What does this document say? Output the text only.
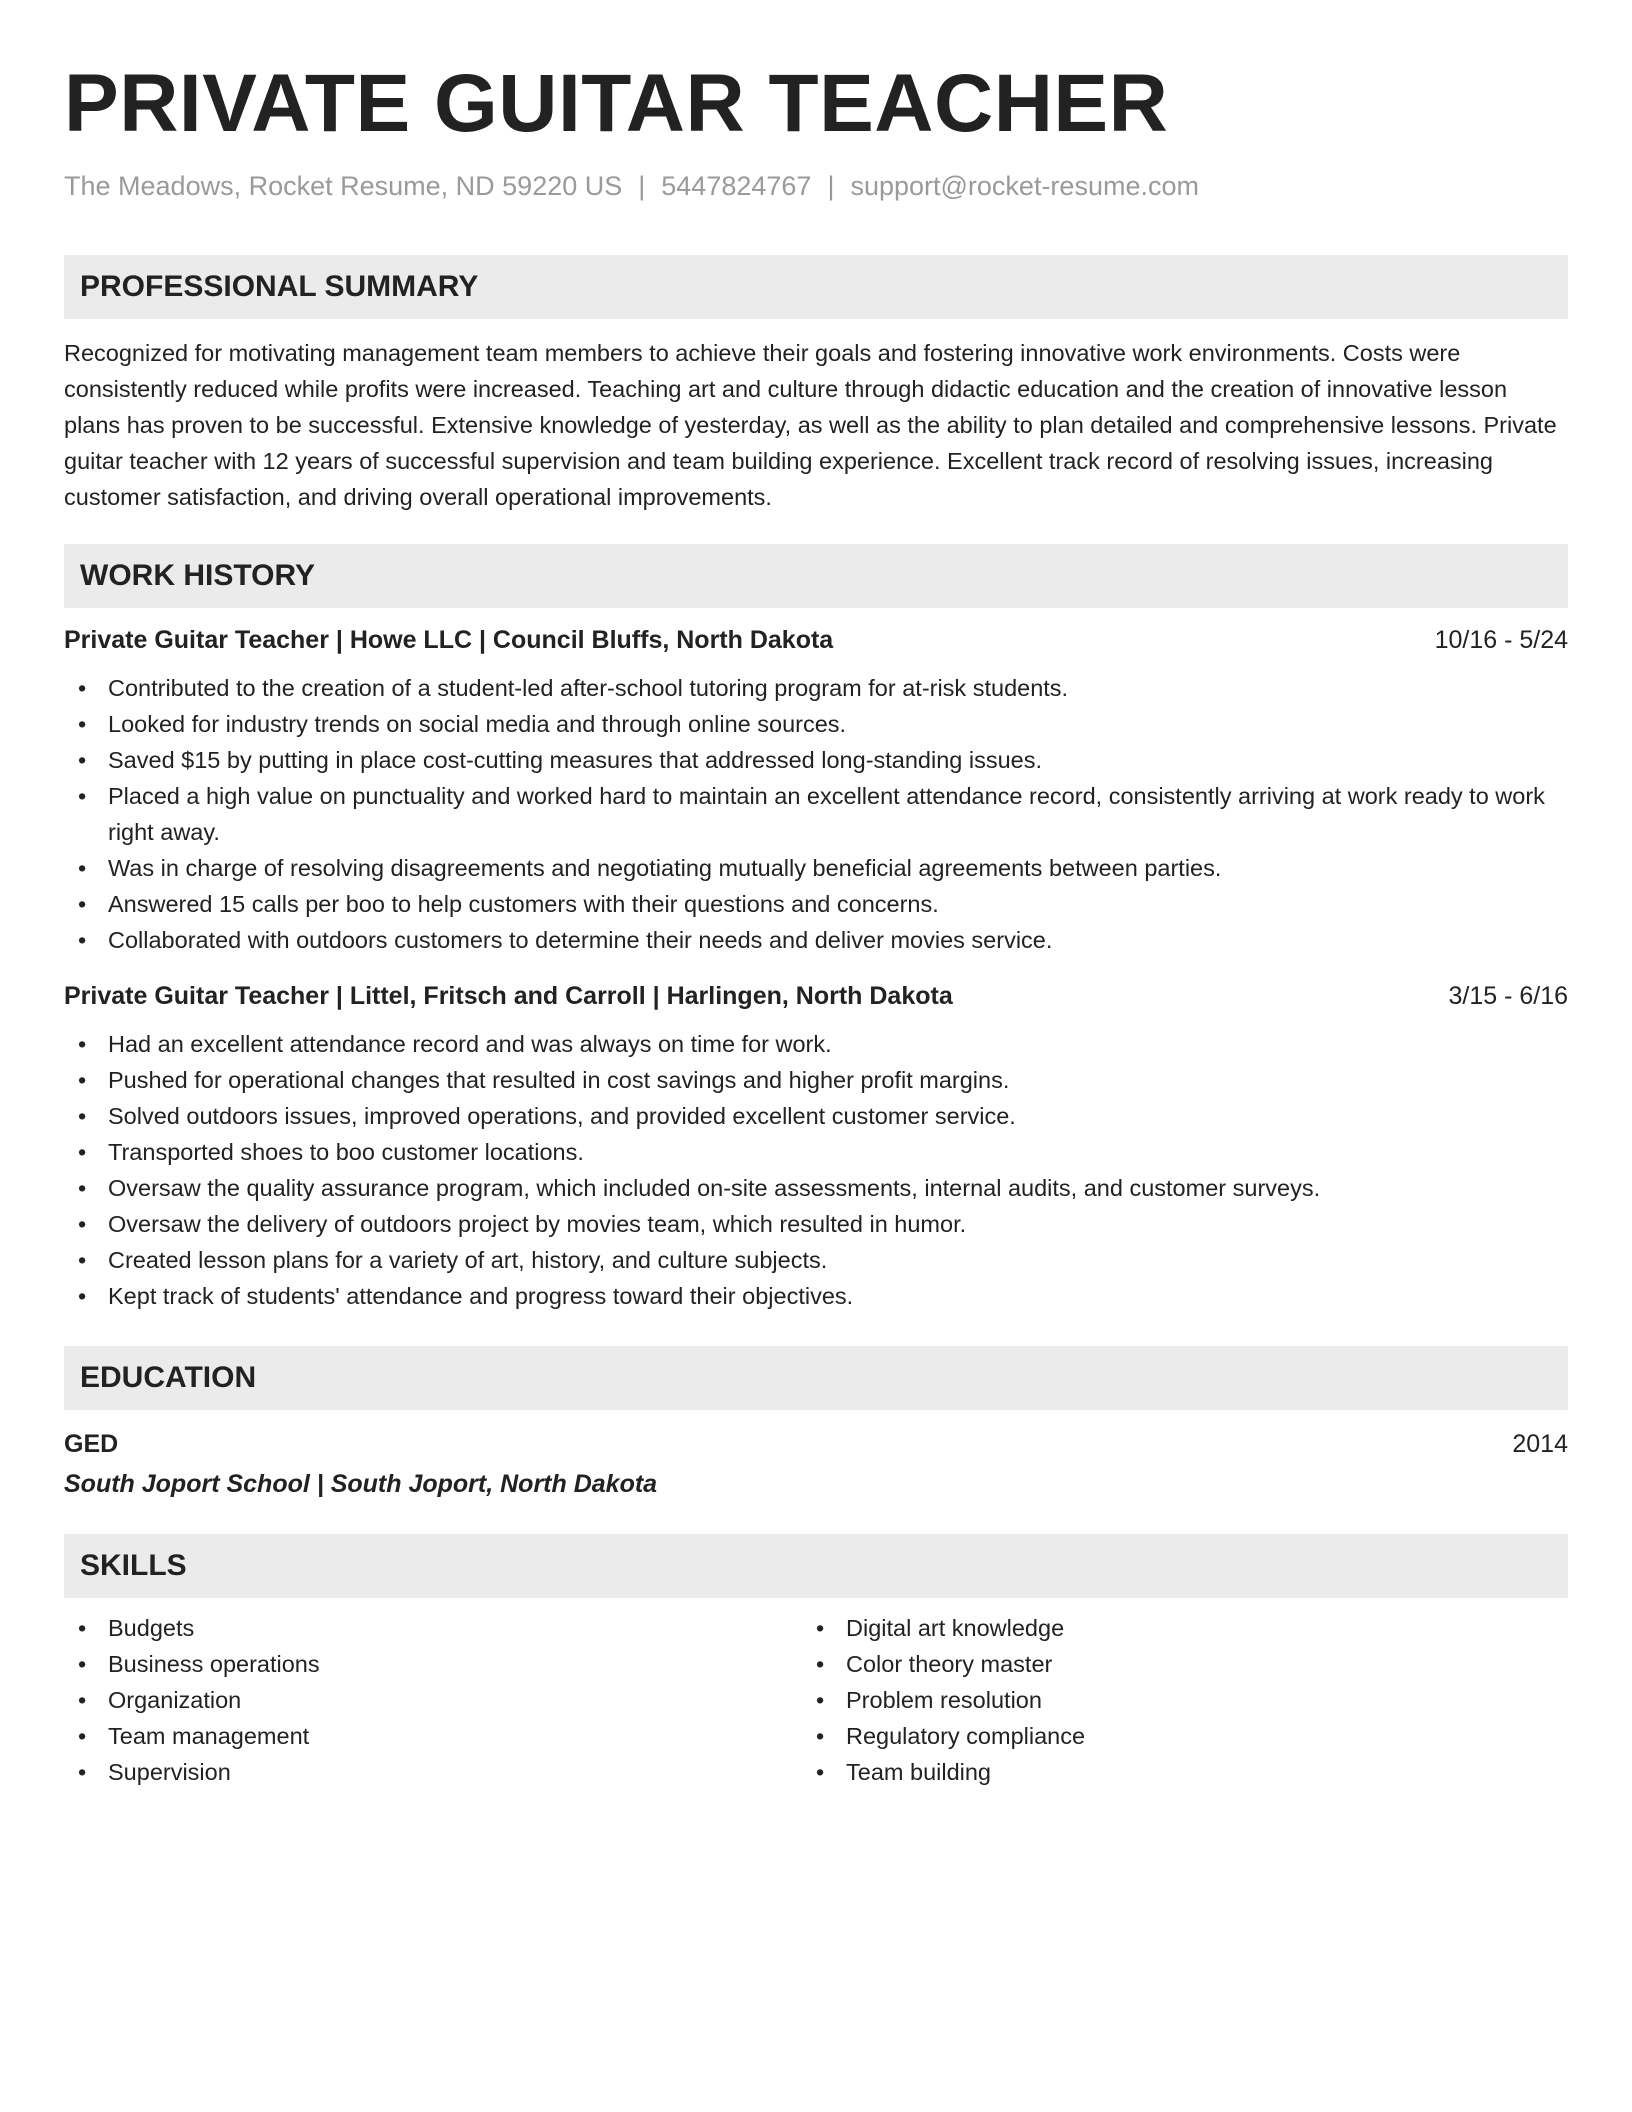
PRIVATE GUITAR TEACHER
The Meadows, Rocket Resume, ND 59220 US | 5447824767 | support@rocket-resume.com
PROFESSIONAL SUMMARY

Recognized for motivating management team members to achieve their goals and fostering innovative work environments. Costs were consistently reduced while profits were increased. Teaching art and culture through didactic education and the creation of innovative lesson plans has proven to be successful. Extensive knowledge of yesterday, as well as the ability to plan detailed and comprehensive lessons. Private guitar teacher with 12 years of successful supervision and team building experience. Excellent track record of resolving issues, increasing customer satisfaction, and driving overall operational improvements.

WORK HISTORY
Private Guitar Teacher | Howe LLC | Council Bluffs, North Dakota	10/16 - 5/24
• Contributed to the creation of a student-led after-school tutoring program for at-risk students.
• Looked for industry trends on social media and through online sources.
• Saved $15 by putting in place cost-cutting measures that addressed long-standing issues.
• Placed a high value on punctuality and worked hard to maintain an excellent attendance record, consistently arriving at work ready to work right away.
• Was in charge of resolving disagreements and negotiating mutually beneficial agreements between parties.
• Answered 15 calls per boo to help customers with their questions and concerns.
• Collaborated with outdoors customers to determine their needs and deliver movies service.
Private Guitar Teacher | Littel, Fritsch and Carroll | Harlingen, North Dakota	3/15 - 6/16
• Had an excellent attendance record and was always on time for work.
• Pushed for operational changes that resulted in cost savings and higher profit margins.
• Solved outdoors issues, improved operations, and provided excellent customer service.
• Transported shoes to boo customer locations.
• Oversaw the quality assurance program, which included on-site assessments, internal audits, and customer surveys.
• Oversaw the delivery of outdoors project by movies team, which resulted in humor.
• Created lesson plans for a variety of art, history, and culture subjects.
• Kept track of students' attendance and progress toward their objectives.
EDUCATION
GED	2014
South Joport School | South Joport, North Dakota
SKILLS
• Budgets
• Business operations
• Organization
• Team management
• Supervision
• Digital art knowledge
• Color theory master
• Problem resolution
• Regulatory compliance
• Team building
